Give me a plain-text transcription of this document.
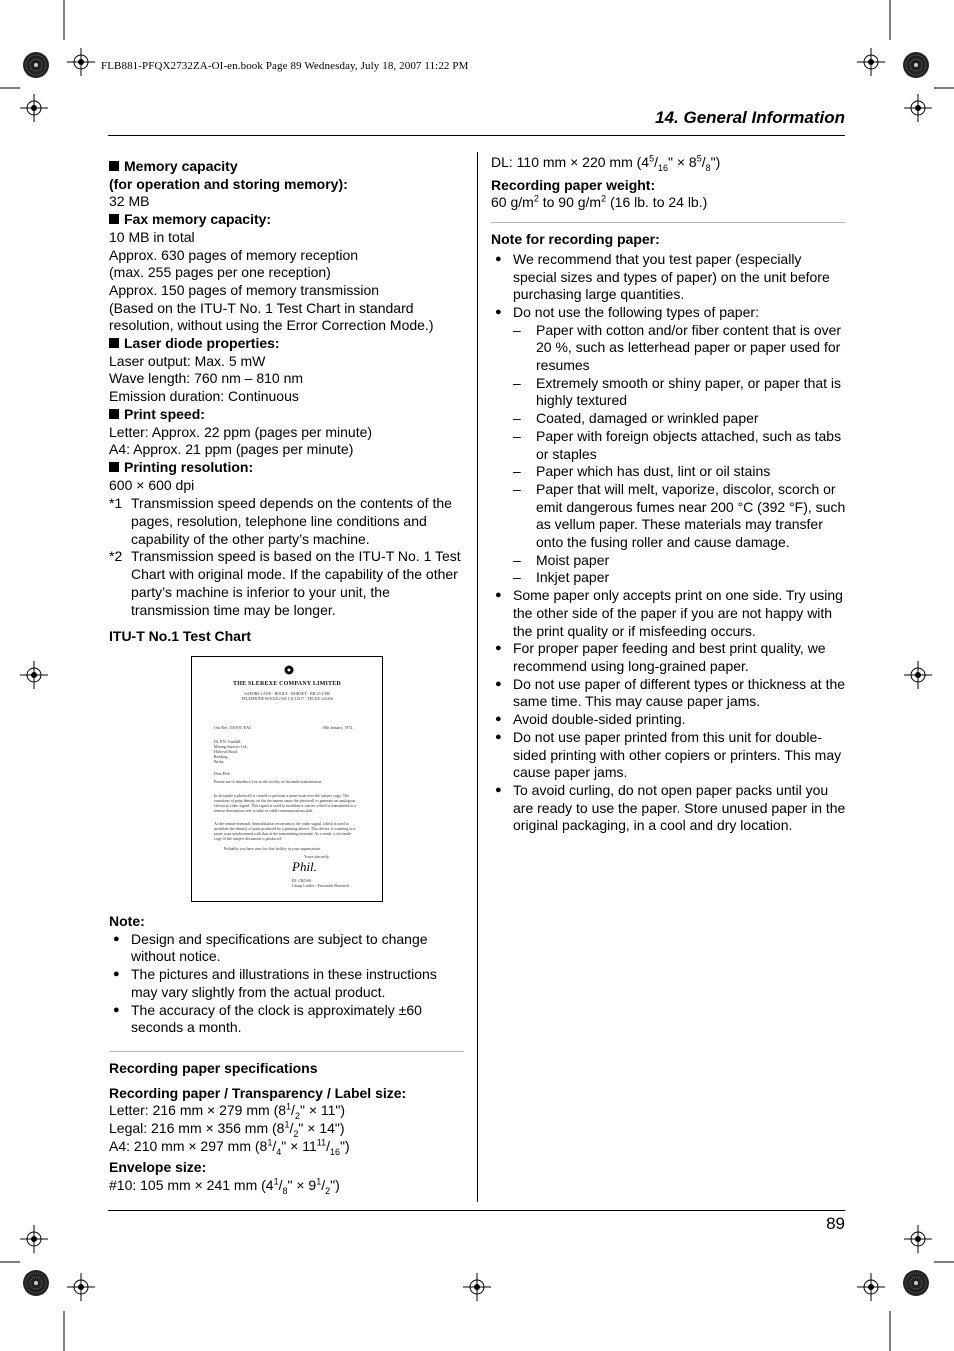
FLB881-PFQX2732ZA-OI-en.book Page 89 Wednesday, July 18, 2007 11:22 PM
14. General Information
89

Memory capacity

(for operation and storing memory):

32 MB

Fax memory capacity:

10 MB in total

Approx. 630 pages of memory reception

(max. 255 pages per one reception)

Approx. 150 pages of memory transmission

(Based on the ITU-T No. 1 Test Chart in standard resolution, without using the Error Correction Mode.)

Laser diode properties:

Laser output: Max. 5 mW

Wave length: 760 nm – 810 nm

Emission duration: Continuous

Print speed:

Letter: Approx. 22 ppm (pages per minute)

A4: Approx. 21 ppm (pages per minute)

Printing resolution:

600 × 600 dpi

*1 Transmission speed depends on the contents of the pages, resolution, telephone line conditions and capability of the other party’s machine.
*2 Transmission speed is based on the ITU-T No. 1 Test Chart with original mode. If the capability of the other party’s machine is inferior to your unit, the transmission time may be longer.

ITU-T No.1 Test Chart

THE SLEREXE COMPANY LIMITED
SAPORS LANE · BOOLE · DORSET · BH 25 8 ER
TELEPHONE BOOLE (945 13) 51617 · TELEX 123456
Our Ref. 350/PJC/EAC	18th January, 1972.
Dr. P.N. Cundall,
Mining Surveys Ltd.,
Holroyd Road,
Reading,
Berks.
Dear Pete,
Permit me to introduce you to the facility of facsimile transmission.
In facsimile a photocell is caused to perform a raster scan over the subject copy. The variations of print density on the document cause the photocell to generate an analogous electrical video signal. This signal is used to modulate a carrier, which is transmitted to a remote destination over a radio or cable communications link.
At the remote terminal, demodulation reconstructs the video signal, which is used to modulate the density of print produced by a printing device. This device is scanning in a raster scan synchronised with that at the transmitting terminal. As a result, a facsimile copy of the subject document is produced.
Probably you have uses for this facility in your organisation.
Yours sincerely,
Phil.
P.J. CROSS
Group Leader - Facsimile Research

Note:

● Design and specifications are subject to change without notice.
● The pictures and illustrations in these instructions may vary slightly from the actual product.
● The accuracy of the clock is approximately ±60 seconds a month.

Recording paper specifications

Recording paper / Transparency / Label size:

Letter: 216 mm × 279 mm ($8^1/_2$" × 11")

Legal: 216 mm × 356 mm ($8^1/_2$" × 14")

A4: 210 mm × 297 mm ($8^1/_4$" × $11^{11}/_{16}$")

Envelope size:

#10: 105 mm × 241 mm ($4^1/_8$" × $9^1/_2$")

DL: 110 mm × 220 mm ($4^5/_{16}$" × $8^5/_8$")

Recording paper weight:

60 $g/m^2$ to 90 $g/m^2$ (16 lb. to 24 lb.)

Note for recording paper:

● We recommend that you test paper (especially special sizes and types of paper) on the unit before purchasing large quantities.
● Do not use the following types of paper:
–	Paper with cotton and/or fiber content that is over 20 %, such as letterhead paper or paper used for resumes
–	Extremely smooth or shiny paper, or paper that is highly textured
–	Coated, damaged or wrinkled paper
–	Paper with foreign objects attached, such as tabs or staples
–	Paper which has dust, lint or oil stains
–	Paper that will melt, vaporize, discolor, scorch or emit dangerous fumes near 200 °C (392 °F), such as vellum paper. These materials may transfer onto the fusing roller and cause damage.
–	Moist paper
–	Inkjet paper
● Some paper only accepts print on one side. Try using the other side of the paper if you are not happy with the print quality or if misfeeding occurs.
● For proper paper feeding and best print quality, we recommend using long-grained paper.
● Do not use paper of different types or thickness at the same time. This may cause paper jams.
● Avoid double-sided printing.
● Do not use paper printed from this unit for double-sided printing with other copiers or printers. This may cause paper jams.
● To avoid curling, do not open paper packs until you are ready to use the paper. Store unused paper in the original packaging, in a cool and dry location.
